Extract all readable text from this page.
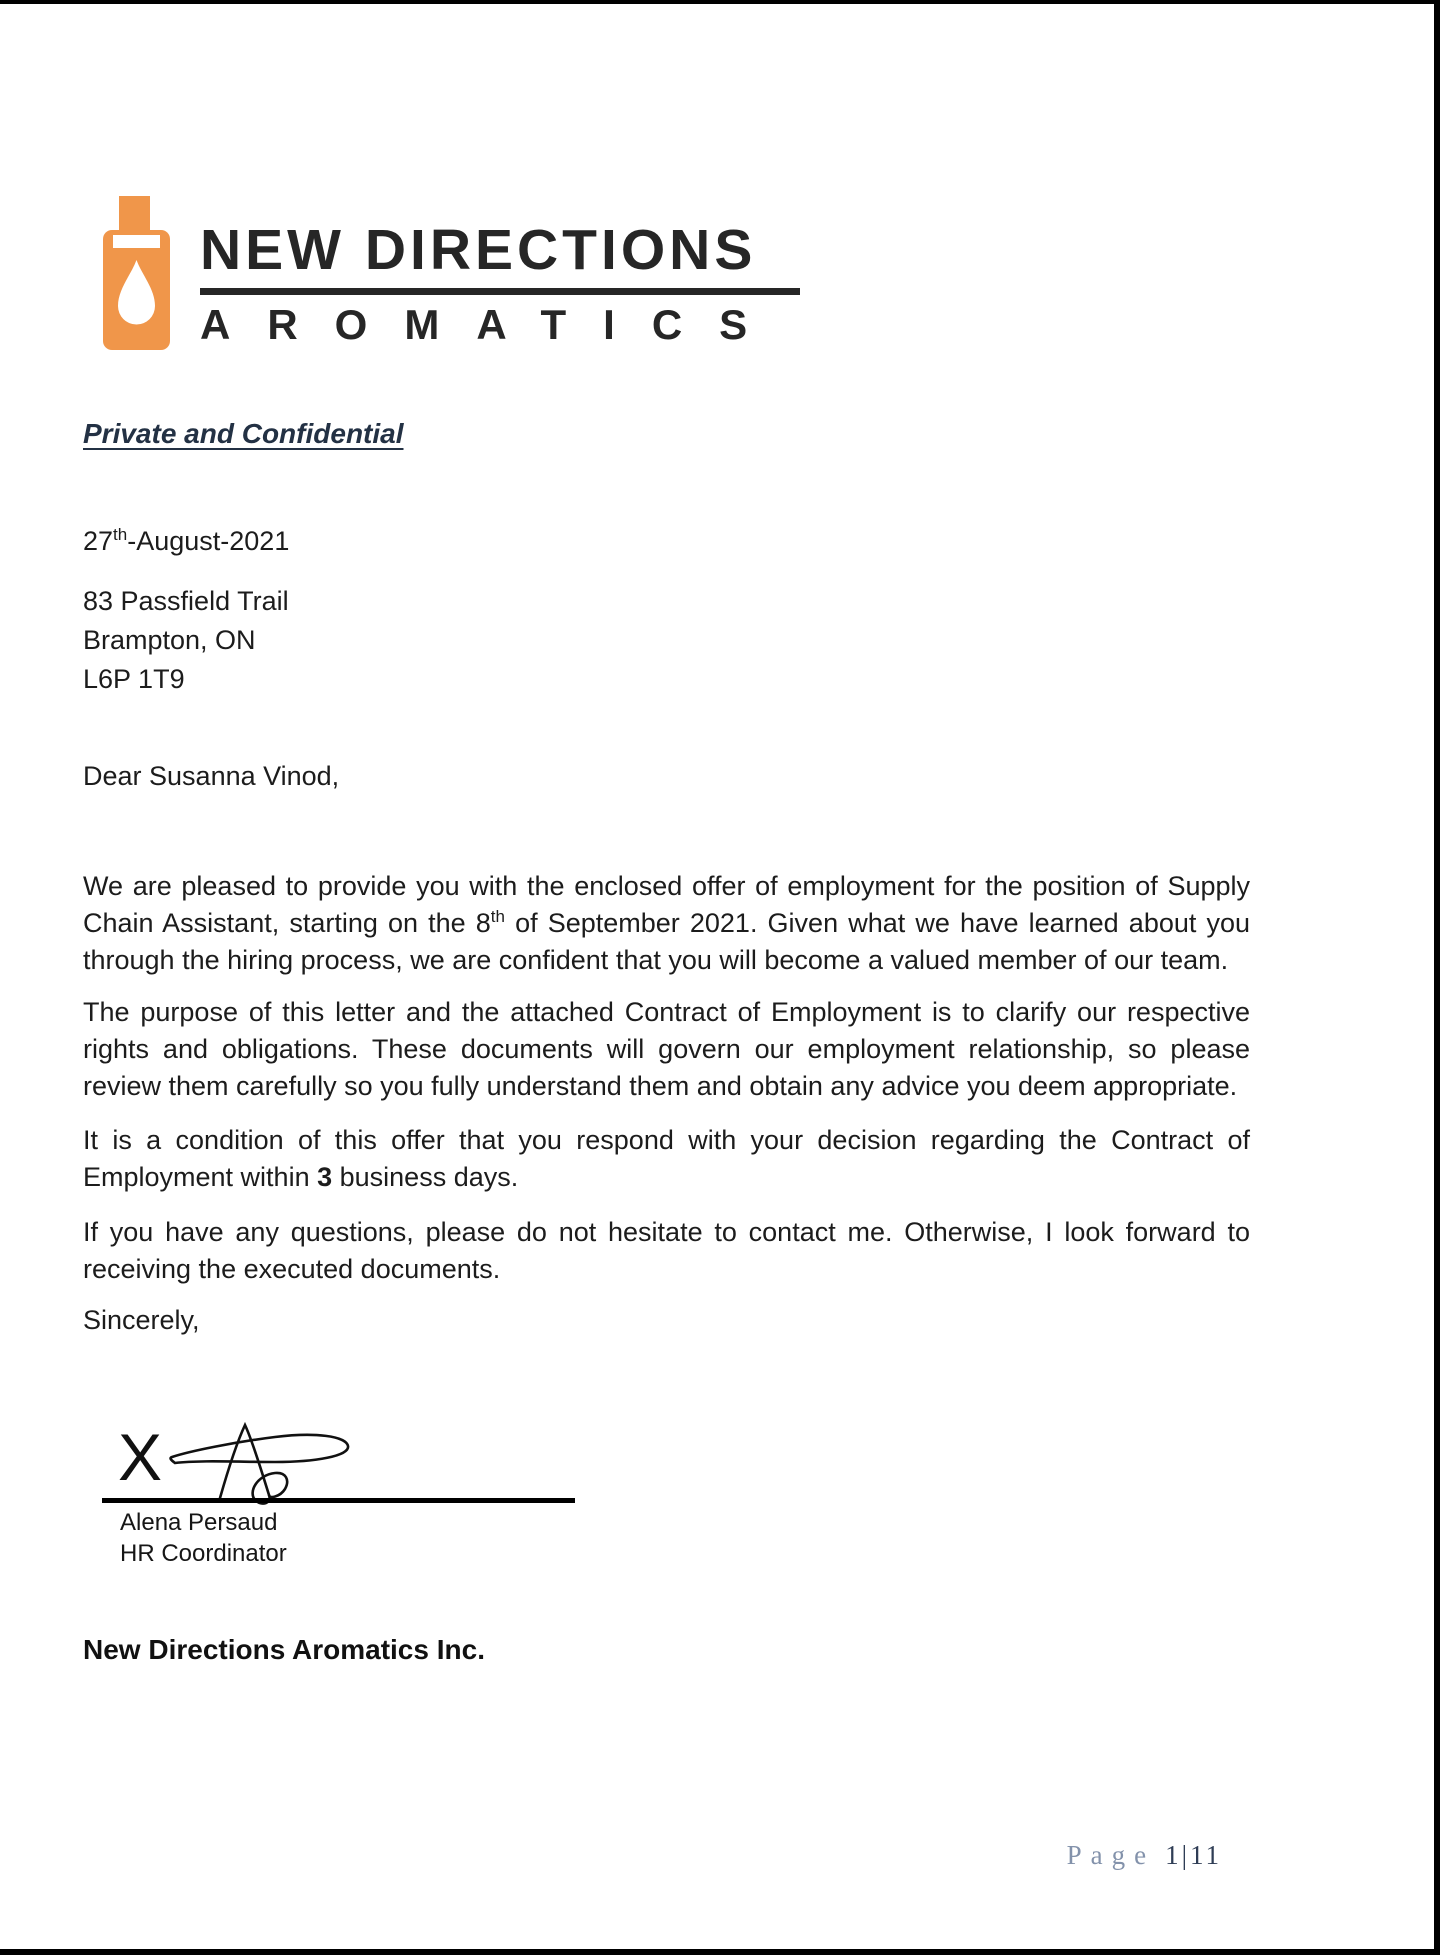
NEW DIRECTIONS
AROMATICS
Private and Confidential
27th-August-2021
83 Passfield Trail
Brampton, ON
L6P 1T9
Dear Susanna Vinod,
We are pleased to provide you with the enclosed offer of employment for the position of Supply Chain Assistant, starting on the 8th of September 2021. Given what we have learned about you through the hiring process, we are confident that you will become a valued member of our team.
The purpose of this letter and the attached Contract of Employment is to clarify our respective rights and obligations. These documents will govern our employment relationship, so please review them carefully so you fully understand them and obtain any advice you deem appropriate.
It is a condition of this offer that you respond with your decision regarding the Contract of Employment within 3 business days.
If you have any questions, please do not hesitate to contact me. Otherwise, I look forward to receiving the executed documents.
Sincerely,
X
Alena Persaud
HR Coordinator
New Directions Aromatics Inc.
Page 1|11
